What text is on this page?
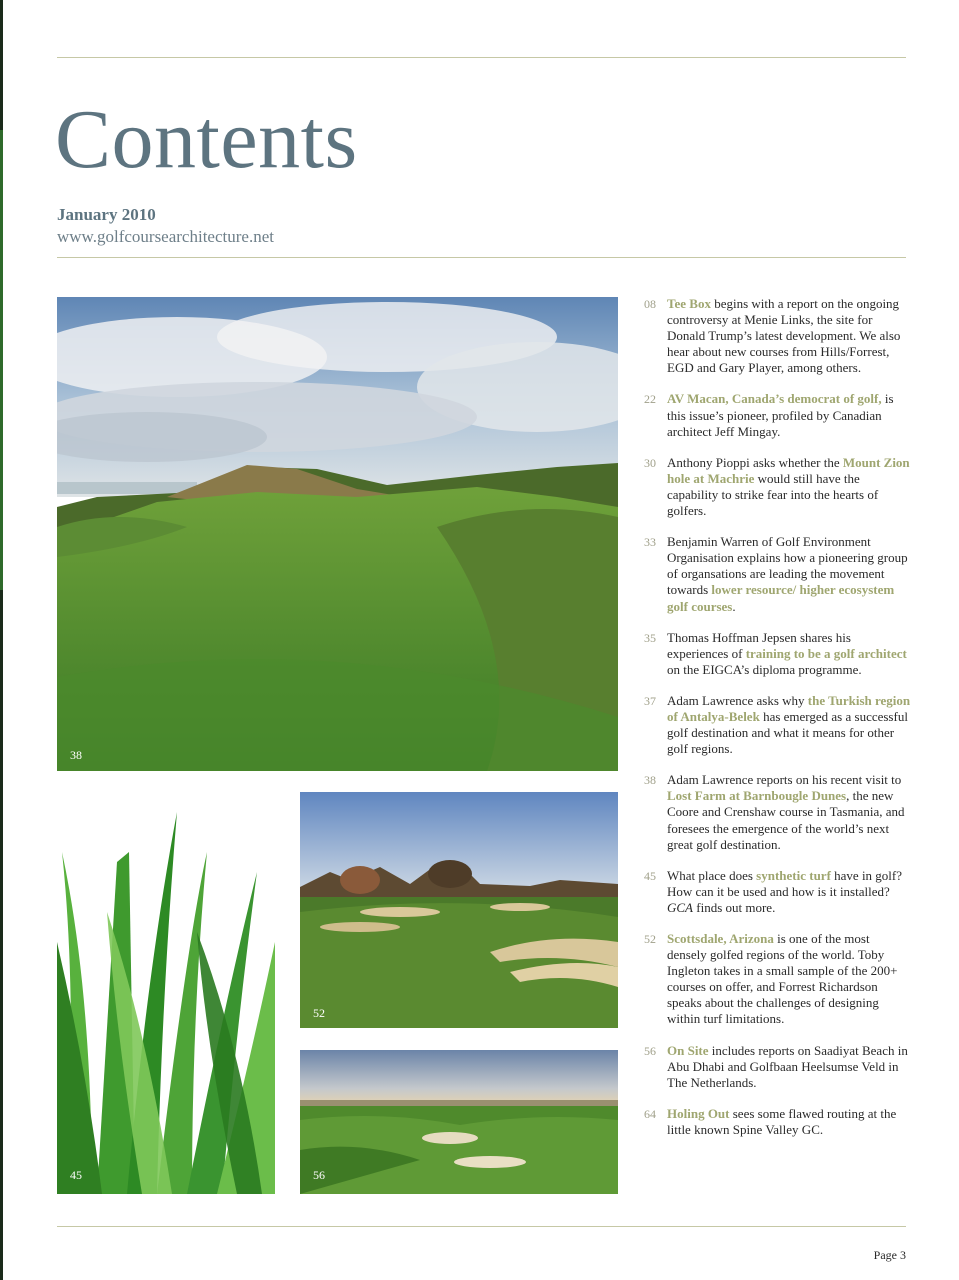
Contents
January 2010
www.golfcoursearchitecture.net
38
45
52
56
08 Tee Box begins with a report on the ongoing controversy at Menie Links, the site for Donald Trump’s latest development. We also hear about new courses from Hills/Forrest, EGD and Gary Player, among others.
22 AV Macan, Canada’s democrat of golf, is this issue’s pioneer, profiled by Canadian architect Jeff Mingay.
30 Anthony Pioppi asks whether the Mount Zion hole at Machrie would still have the capability to strike fear into the hearts of golfers.
33 Benjamin Warren of Golf Environment Organisation explains how a pioneering group of organsations are leading the movement towards lower resource/ higher ecosystem golf courses.
35 Thomas Hoffman Jepsen shares his experiences of training to be a golf architect on the EIGCA’s diploma programme.
37 Adam Lawrence asks why the Turkish region of Antalya-Belek has emerged as a successful golf destination and what it means for other golf regions.
38 Adam Lawrence reports on his recent visit to Lost Farm at Barnbougle Dunes, the new Coore and Crenshaw course in Tasmania, and foresees the emergence of the world’s next great golf destination.
45 What place does synthetic turf have in golf? How can it be used and how is it installed? GCA finds out more.
52 Scottsdale, Arizona is one of the most densely golfed regions of the world. Toby Ingleton takes in a small sample of the 200+ courses on offer, and Forrest Richardson speaks about the challenges of designing within turf limitations.
56 On Site includes reports on Saadiyat Beach in Abu Dhabi and Golfbaan Heelsumse Veld in The Netherlands.
64 Holing Out sees some flawed routing at the little known Spine Valley GC.
Page 3
